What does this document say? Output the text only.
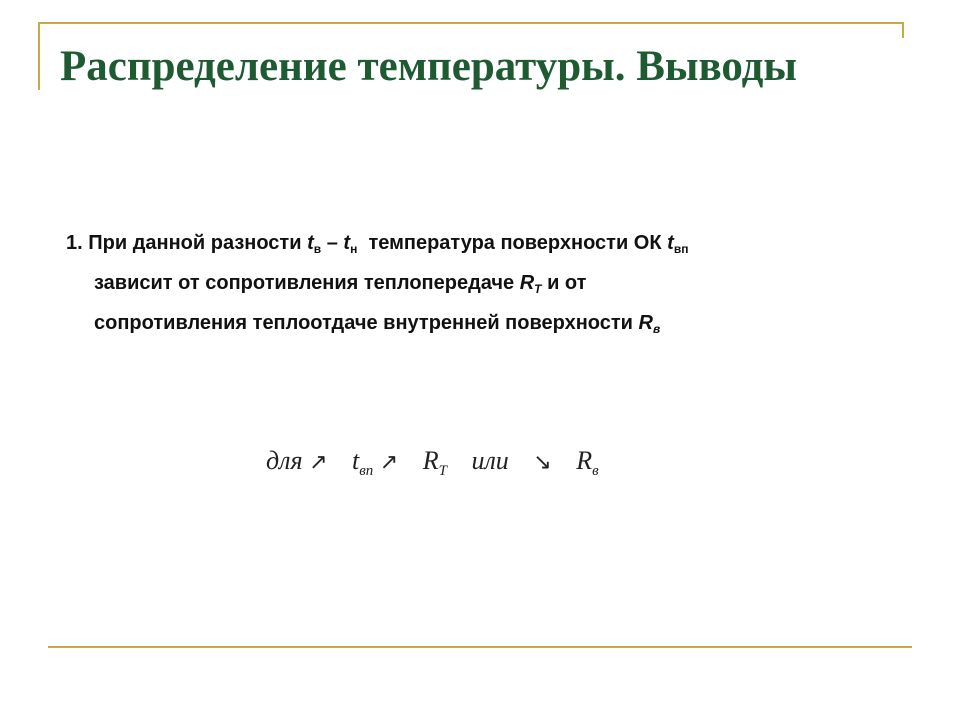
Распределение температуры. Выводы
1. При данной разности $t_в - t_н$ температура поверхности ОК $t_{вп}$
зависит от сопротивления теплопередаче $R_T$ и от
сопротивления теплоотдаче внутренней поверхности $R_в$
для ↗ $t_{вп}$ ↗ $R_T$ или ↘ $R_в$
